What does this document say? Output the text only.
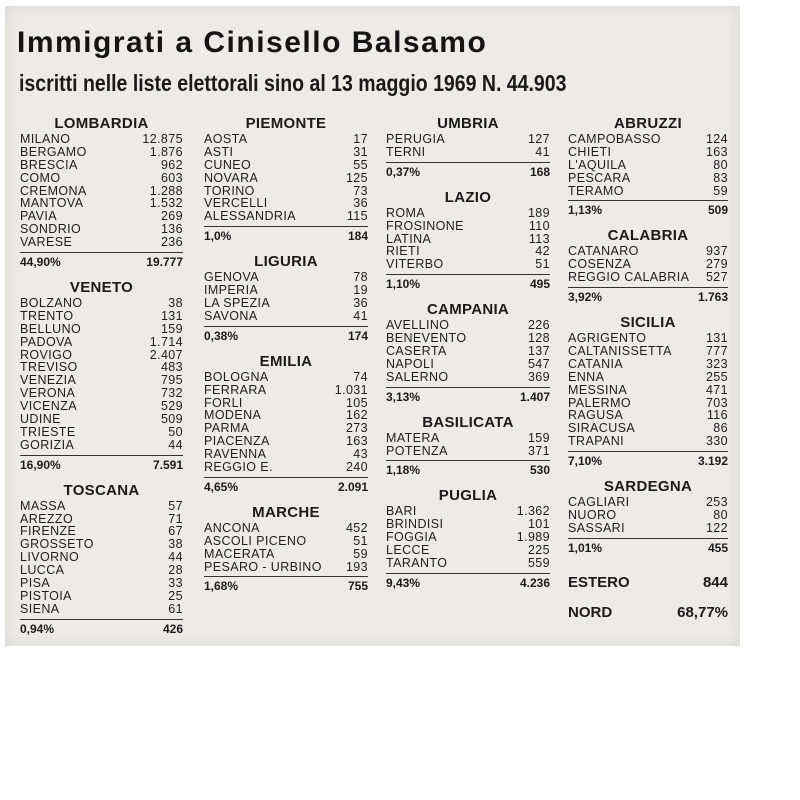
Immigrati a Cinisello Balsamo
iscritti nelle liste elettorali sino al 13 maggio 1969 N. 44.903
LOMBARDIA
MILANO	12.875
BERGAMO	1.876
BRESCIA	962
COMO	603
CREMONA	1.288
MANTOVA	1.532
PAVIA	269
SONDRIO	136
VARESE	236
44,90%	19.777
VENETO
BOLZANO	38
TRENTO	131
BELLUNO	159
PADOVA	1.714
ROVIGO	2.407
TREVISO	483
VENEZIA	795
VERONA	732
VICENZA	529
UDINE	509
TRIESTE	50
GORIZIA	44
16,90%	7.591
TOSCANA
MASSA	57
AREZZO	71
FIRENZE	67
GROSSETO	38
LIVORNO	44
LUCCA	28
PISA	33
PISTOIA	25
SIENA	61
0,94%	426
PIEMONTE
AOSTA	17
ASTI	31
CUNEO	55
NOVARA	125
TORINO	73
VERCELLI	36
ALESSANDRIA	115
1,0%	184
LIGURIA
GENOVA	78
IMPERIA	19
LA SPEZIA	36
SAVONA	41
0,38%	174
EMILIA
BOLOGNA	74
FERRARA	1.031
FORLI	105
MODENA	162
PARMA	273
PIACENZA	163
RAVENNA	43
REGGIO E.	240
4,65%	2.091
MARCHE
ANCONA	452
ASCOLI PICENO	51
MACERATA	59
PESARO - URBINO 193
1,68%	755
UMBRIA
PERUGIA	127
TERNI	41
0,37%	168
LAZIO
ROMA	189
FROSINONE	110
LATINA	113
RIETI	42
VITERBO	51
1,10%	495
CAMPANIA
AVELLINO	226
BENEVENTO	128
CASERTA	137
NAPOLI	547
SALERNO	369
3,13%	1.407
BASILICATA
MATERA	159
POTENZA	371
1,18%	530
PUGLIA
BARI	1.362
BRINDISI	101
FOGGIA	1.989
LECCE	225
TARANTO	559
9,43%	4.236
ABRUZZI
CAMPOBASSO	124
CHIETI	163
L'AQUILA	80
PESCARA	83
TERAMO	59
1,13%	509
CALABRIA
CATANARO	937
COSENZA	279
REGGIO CALABRIA 527
3,92%	1.763
SICILIA
AGRIGENTO	131
CALTANISSETTA	777
CATANIA	323
ENNA	255
MESSINA	471
PALERMO	703
RAGUSA	116
SIRACUSA	86
TRAPANI	330
7,10%	3.192
SARDEGNA
CAGLIARI	253
NUORO	80
SASSARI	122
1,01%	455
ESTERO	844
NORD	68,77%
